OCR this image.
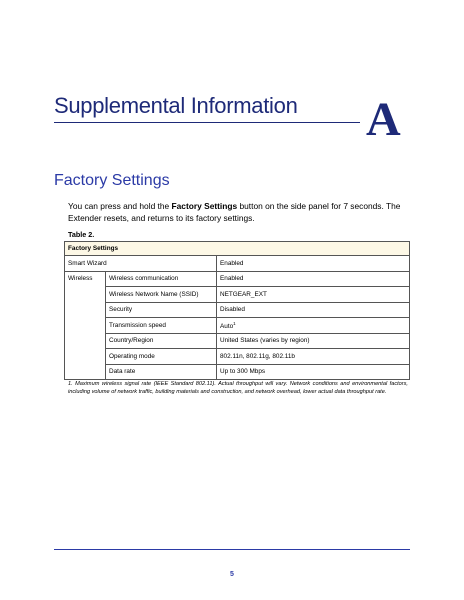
Supplemental Information A
Factory Settings
You can press and hold the Factory Settings button on the side panel for 7 seconds. The Extender resets, and returns to its factory settings.
Table 2.
Factory Settings		
Smart Wizard		Enabled
Wireless	Wireless communication	Enabled
	Wireless Network Name (SSID)	NETGEAR_EXT
	Security	Disabled
	Transmission speed	Auto$^1$
	Country/Region	United States (varies by region)
	Operating mode	802.11n, 802.11g, 802.11b
	Data rate	Up to 300 Mbps
1. Maximum wireless signal rate (IEEE Standard 802.11). Actual throughput will vary. Network conditions and environmental factors, including volume of network traffic, building materials and construction, and network overhead, lower actual data throughput rate.
5
